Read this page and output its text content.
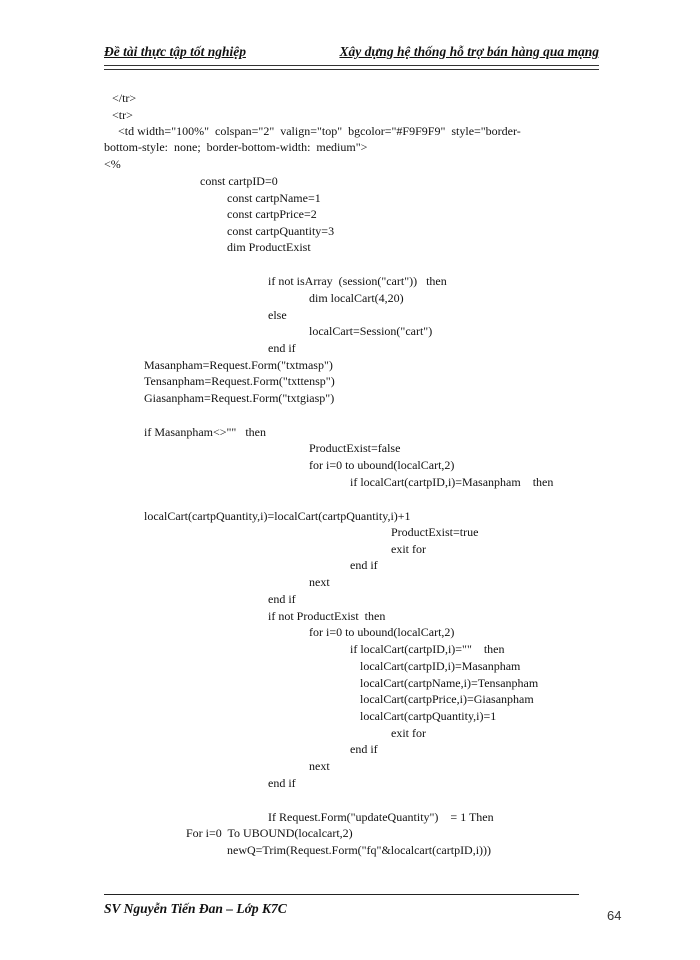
Đề tài thực tập tốt nghiệp	Xây dựng hệ thống hỗ trợ bán hàng qua mạng
</tr>
<tr>
<td width="100%"  colspan="2"  valign="top"  bgcolor="#F9F9F9"  style="border-
bottom-style:  none;  border-bottom-width:  medium">
<%
const cartpID=0
const cartpName=1
const cartpPrice=2
const cartpQuantity=3
dim ProductExist
if not isArray  (session("cart"))   then
dim localCart(4,20)
else
localCart=Session("cart")
end if
Masanpham=Request.Form("txtmasp")
Tensanpham=Request.Form("txttensp")
Giasanpham=Request.Form("txtgiasp")
if Masanpham<>""   then
ProductExist=false
for i=0 to ubound(localCart,2)
if localCart(cartpID,i)=Masanpham    then
localCart(cartpQuantity,i)=localCart(cartpQuantity,i)+1
ProductExist=true
exit for
end if
next
end if
if not ProductExist  then
for i=0 to ubound(localCart,2)
if localCart(cartpID,i)=""    then
localCart(cartpID,i)=Masanpham
localCart(cartpName,i)=Tensanpham
localCart(cartpPrice,i)=Giasanpham
localCart(cartpQuantity,i)=1
exit for
end if
next
end if
If Request.Form("updateQuantity")    = 1 Then
For i=0  To UBOUND(localcart,2)
newQ=Trim(Request.Form("fq"&localcart(cartpID,i)))
SV Nguyễn Tiến Đan – Lớp K7C	64
